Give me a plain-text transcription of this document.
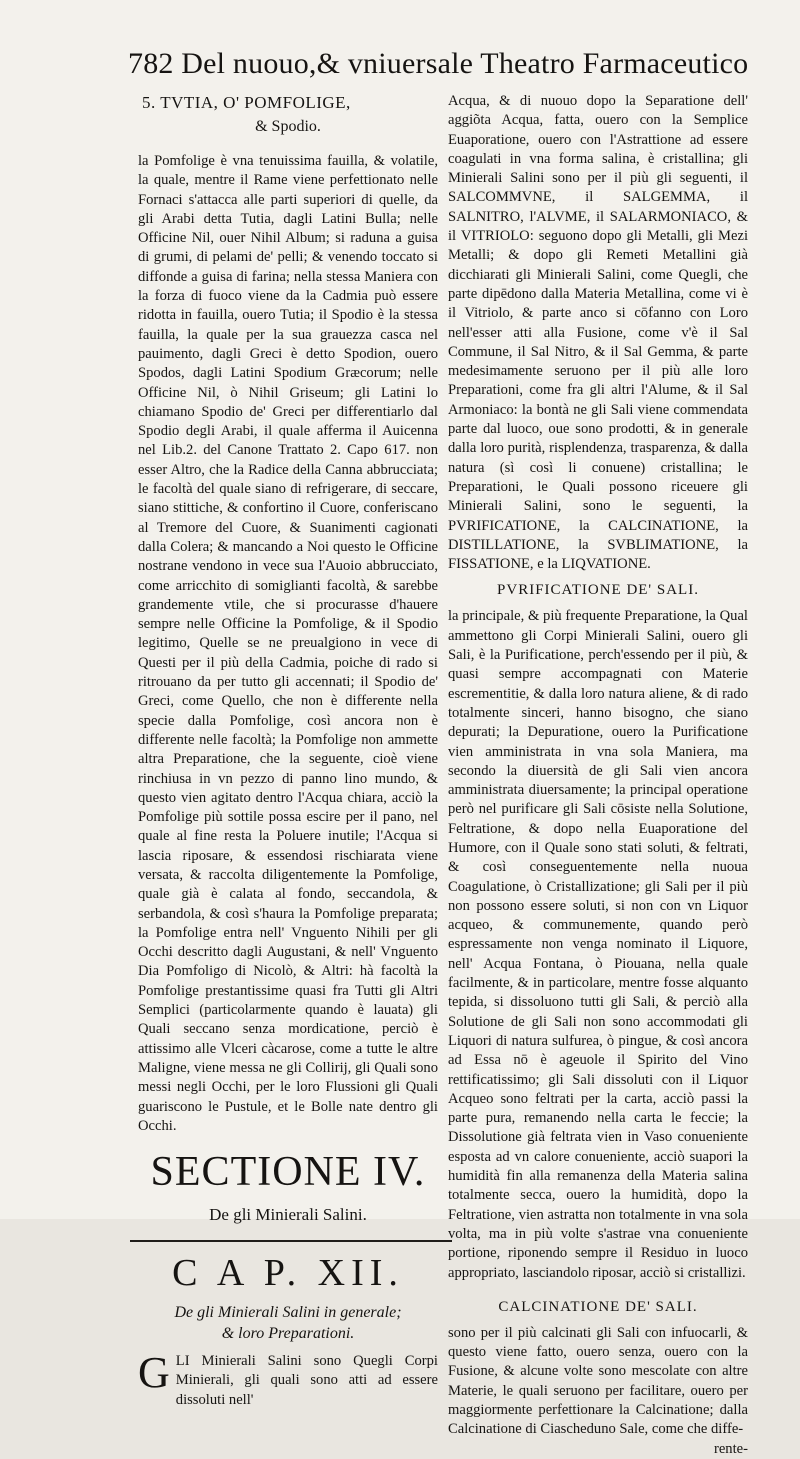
782 Del nuouo,& vniuersale Theatro Farmaceutico
5. TVTIA, O' POMFOLIGE,
& Spodio.

la Pomfolige è vna tenuissima fauilla, & volatile, la quale, mentre il Rame viene perfettionato nelle Fornaci s'attacca alle parti superiori di quelle, da gli Arabi detta Tutia, dagli Latini Bulla; nelle Officine Nil, ouer Nihil Album; si raduna a guisa di grumi, di pelami de' pelli; & venendo toccato si diffonde a guisa di farina; nella stessa Maniera con la forza di fuoco viene da la Cadmia può essere ridotta in fauilla, ouero Tutia; il Spodio è la stessa fauilla, la quale per la sua grauezza casca nel pauimento, dagli Greci è detto Spodion, ouero Spodos, dagli Latini Spodium Græcorum; nelle Officine Nil, ò Nihil Griseum; gli Latini lo chiamano Spodio de' Greci per differentiarlo dal Spodio degli Arabi, il quale afferma il Auicenna nel Lib.2. del Canone Trattato 2. Capo 617. non esser Altro, che la Radice della Canna abbrucciata; le facoltà del quale siano di refrigerare, di seccare, siano stittiche, & confortino il Cuore, conferiscano al Tremore del Cuore, & Suanimenti cagionati dalla Colera; & mancando a Noi questo le Officine nostrane vendono in vece sua l'Auoio abbrucciato, come arricchito di somiglianti facoltà, & sarebbe grandemente vtile, che si procurasse d'hauere sempre nelle Officine la Pomfolige, & il Spodio legitimo, Quelle se ne preualgiono in vece di Questi per il più della Cadmia, poiche di rado si ritrouano da per tutto gli accennati; il Spodio de' Greci, come Quello, che non è differente nella specie dalla Pomfolige, così ancora non è differente nelle facoltà; la Pomfolige non ammette altra Preparatione, che la seguente, cioè viene rinchiusa in vn pezzo di panno lino mundo, & questo vien agitato dentro l'Acqua chiara, acciò la Pomfolige più sottile possa escire per il pano, nel quale al fine resta la Poluere inutile; l'Acqua si lascia riposare, & essendosi rischiarata viene versata, & raccolta diligentemente la Pomfolige, quale già è calata al fondo, seccandola, & serbandola, & così s'haura la Pomfolige preparata; la Pomfolige entra nell' Vnguento Nihili per gli Occhi descritto dagli Augustani, & nell' Vnguento Dia Pomfoligo di Nicolò, & Altri: hà facoltà la Pomfolige prestantissime quasi fra Tutti gli Altri Semplici (particolarmente quando è lauata) gli Quali seccano senza mordicatione, perciò è attissimo alle Vlceri càcarose, come a tutte le altre Maligne, viene messa ne gli Collirij, gli Quali sono messi negli Occhi, per le loro Flussioni gli Quali guariscono le Pustule, et le Bolle nate dentro gli Occhi.

SECTIONE IV.
De gli Minierali Salini.
C A P. XII.
De gli Minierali Salini in generale;
& loro Preparationi.

GLI Minierali Salini sono Quegli Corpi Minierali, gli quali sono atti ad essere dissoluti nell'

Acqua, & di nuouo dopo la Separatione dell' aggiõta Acqua, fatta, ouero con la Semplice Euaporatione, ouero con l'Astrattione ad essere coagulati in vna forma salina, è cristallina; gli Minierali Salini sono per il più gli seguenti, il SALCOMMVNE, il SALGEMMA, il SALNITRO, l'ALVME, il SALARMONIACO, & il VITRIOLO: seguono dopo gli Metalli, gli Mezi Metalli; & dopo gli Remeti Metallini già dicchiarati gli Minierali Salini, come Quegli, che parte dipēdono dalla Materia Metallina, come vi è il Vitriolo, & parte anco si cōfanno con Loro nell'esser atti alla Fusione, come v'è il Sal Commune, il Sal Nitro, & il Sal Gemma, & parte medesimamente seruono per il più alle loro Preparationi, come fra gli altri l'Alume, & il Sal Armoniaco: la bontà ne gli Sali viene commendata parte dal luoco, oue sono prodotti, & in generale dalla loro purità, risplendenza, trasparenza, & dalla natura (sì così li conuene) cristallina; le Preparationi, le Quali possono riceuere gli Minierali Salini, sono le seguenti, la PVRIFICATIONE, la CALCINATIONE, la DISTILLATIONE, la SVBLIMATIONE, la FISSATIONE, e la LIQVATIONE.

PVRIFICATIONE DE' SALI.

la principale, & più frequente Preparatione, la Qual ammettono gli Corpi Minierali Salini, ouero gli Sali, è la Purificatione, perch'essendo per il più, & quasi sempre accompagnati con Materie escrementitie, & dalla loro natura aliene, & di rado totalmente sinceri, hanno bisogno, che siano depurati; la Depuratione, ouero la Purificatione vien amministrata in vna sola Maniera, ma secondo la diuersità de gli Sali vien ancora amministrata diuersamente; la principal operatione però nel purificare gli Sali cōsiste nella Solutione, Feltratione, & dopo nella Euaporatione del Humore, con il Quale sono stati soluti, & feltrati, & così conseguentemente nella nuoua Coagulatione, ò Cristallizatione; gli Sali per il più non possono essere soluti, si non con vn Liquor acqueo, & communemente, quando però espressamente non venga nominato il Liquore, nell' Acqua Fontana, ò Piouana, nella quale facilmente, & in particolare, mentre fosse alquanto tepida, si dissoluono tutti gli Sali, & perciò alla Solutione de gli Sali non sono accommodati gli Liquori di natura sulfurea, ò pingue, & così ancora ad Essa nō è ageuole il Spirito del Vino rettificatissimo; gli Sali dissoluti con il Liquor Acqueo sono feltrati per la carta, acciò passi la parte pura, remanendo nella carta le feccie; la Dissolutione già feltrata vien in Vaso conueniente esposta ad vn calore conueniente, acciò suapori la humidità fin alla remanenza della Materia salina totalmente secca, ouero la humidità, dopo la Feltratione, vien astratta non totalmente in vna sola volta, ma in più volte s'astrae vna conueniente portione, riponendo sempre il Residuo in luoco appropriato, lasciandolo riposar, acciò si cristallizi.

CALCINATIONE DE' SALI.

sono per il più calcinati gli Sali con infuocarli, & questo viene fatto, ouero senza, ouero con la Fusione, & alcune volte sono mescolate con altre Materie, le quali seruono per facilitare, ouero per maggiormente perfettionare la Calcinatione; dalla Calcinatione di Ciascheduno Sale, come che diffe-

rente-
